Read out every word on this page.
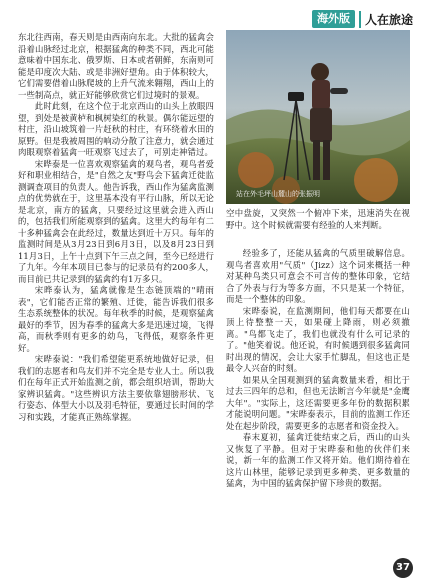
海外版	人在旅途

东北往西南，春天则是由西南向东北。大批的猛禽会沿着山脉经过北京，根据猛禽的种类不同，西北可能意味着中国东北、俄罗斯、日本或者朝鲜，东南则可能是印度次大陆、或是非洲好望角。由于体积较大，它们需要借着山脉爬坡的上升气流来翱翔，西山上的一些制高点，就正好能够欣赏它们过境时的景观。

此时此刻，在这个位于北京西山的山头上放眼四望，到处是被黄栌和枫树染红的秋景。偶尔能远望的村庄，沿山坡筑着一片赶秋的村庄，有环绕着水田的原野。但是我被周围的响动分散了注意力，就会通过肉眼观察着猛禽一旺观察飞过去了，可别走神错过。

宋晔泰是一位喜欢观察猛禽的观鸟者，观鸟者爱好和职业相结合，是"自然之友"野鸟会下猛禽迁徙监测调查项目的负责人。他告诉我，西山作为猛禽监测点的优势就在于，这里基本没有平行山脉，所以无论是北京，南方的猛禽，只要经过这里就会进入西山的，包括我们所能观察到的猛禽。这里大约每年有二十多种猛禽会在此经过，数量达到近十万只。每年的监测时间是从3月23日到6月3日，以及8月23日到11月3日，上午十点到下午三点之间，至今已经进行了九年。今年本项目已参与的记录员有约200多人，而目前已共记录到的猛禽约有1万多只。

宋晔泰认为，猛禽就像是生态链顶端的"晴雨表"，它们能否正常的繁殖、迁徙，能告诉我们很多生态系统整体的状况。每年秋季的时候，是观察猛禽最好的季节，因为春季的猛禽大多是迅速过境，飞得高，而秋季则有更多的幼鸟，飞得低，观察条件更好。

宋晔泰说："我们希望能更系统地做好记录，但我们的志愿者和鸟友们并不完全是专业人士。所以我们在每年正式开始监测之前，都会组织培训，帮助大家辨识猛禽。"这些辨识方法主要依靠翅膀形状、飞行姿态、体型大小以及羽毛特征，要通过长时间的学习和实践，才能真正熟练掌握。

站在外毛坪山麓山的张振明

空中盘旋，又突然一个俯冲下来，迅速消失在视野中。这个时候就需要有经验的人来判断。

经验多了，还能从猛禽的气质里破解信息。观鸟者喜欢用"气质"（Jizz）这个词来概括一种对某种鸟类只可意会不可言传的整体印象，它结合了外表与行为等多方面，不只是某一个特征，而是一个整体的印象。

宋晔泰说，在监测期间，他们每天都要在山顶上待整整一天，如果碰上降雨，则必须撤离。"鸟都飞走了，我们也就没有什么可记录的了。"他笑着说。他还说，有时候遇到很多猛禽同时出现的情况，会让大家手忙脚乱，但这也正是最令人兴奋的时刻。

如果从全国观测到的猛禽数量来看，相比于过去三四年的总和，但也无法断言今年就是"金鹰大年"。"实际上，这还需要更多年份的数据积累才能说明问题。"宋晔泰表示，目前的监测工作还处在起步阶段，需要更多的志愿者和资金投入。

春末夏初，猛禽迁徙结束之后，西山的山头又恢复了平静。但对于宋晔泰和他的伙伴们来说，新一年的监测工作又将开始。他们期待着在这片山林里，能够记录到更多种类、更多数量的猛禽，为中国的猛禽保护留下珍贵的数据。

37
